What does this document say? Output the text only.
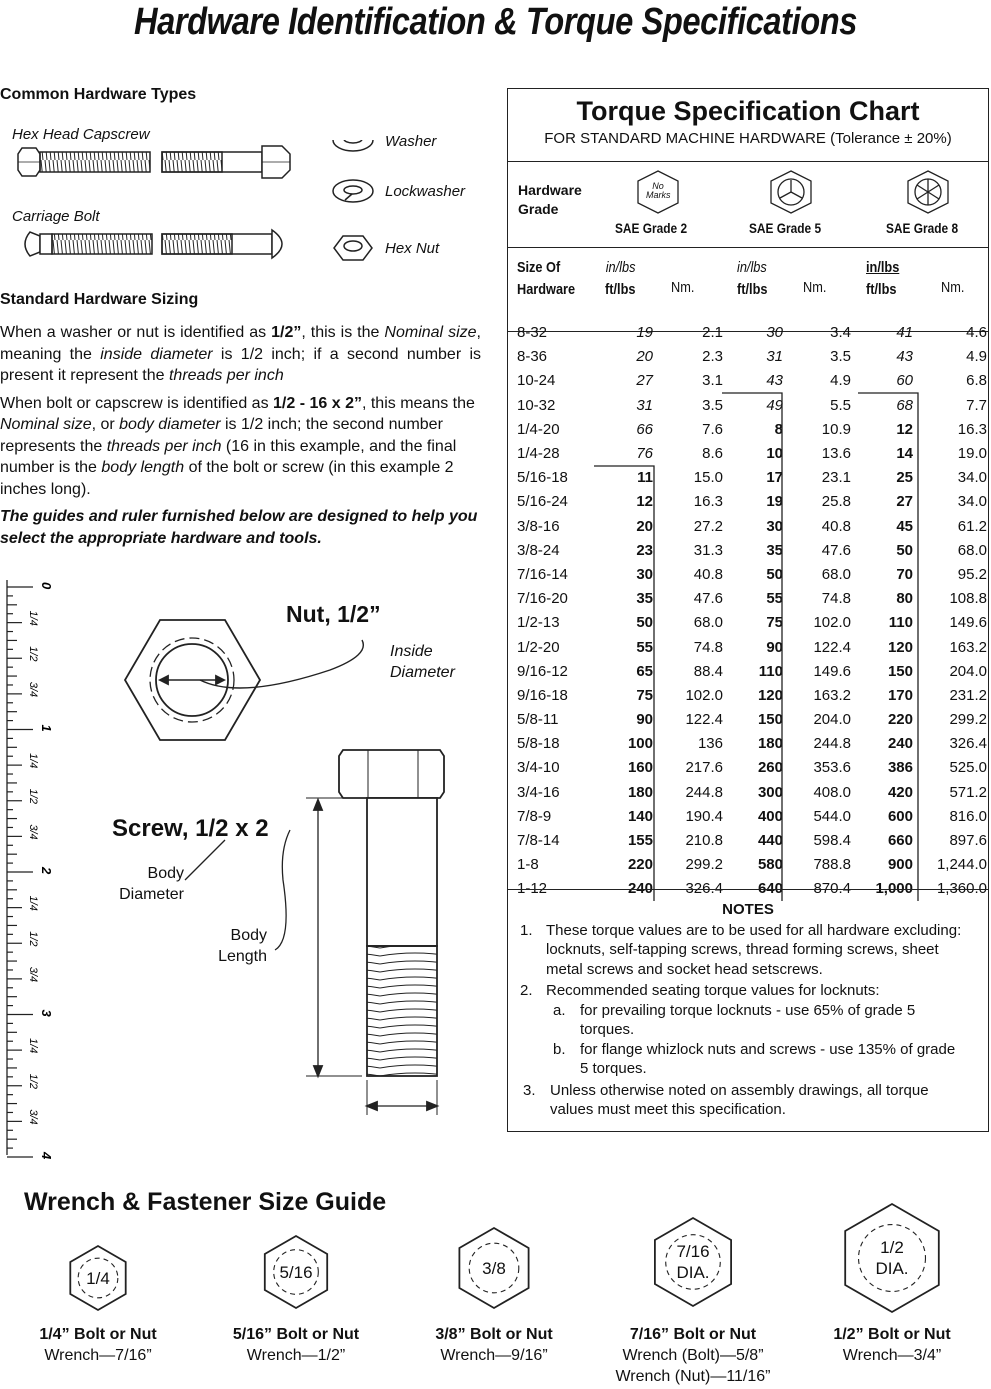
Hardware Identification & Torque Specifications
Common Hardware Types
Hex Head Capscrew
Carriage Bolt
Washer
Lockwasher
Hex Nut
Standard Hardware Sizing

When a washer or nut is identified as 1/2”, this is the Nominal size, meaning the inside diameter is 1/2 inch; if a second number is present it represent the threads per inch

When bolt or capscrew is identified as 1/2 - 16 x 2”, this means the Nominal size, or body diameter is 1/2 inch; the second number represents the threads per inch (16 in this example, and the final number is the body length of the bolt or screw (in this example 2 inches long).

The guides and ruler furnished below are designed to help you select the appropriate hardware and tools.

0
1
2
3
4
1/4
1/2
3/4
1/4
1/2
3/4
1/4
1/2
3/4
1/4
1/2
3/4
Nut, 1/2”
Inside
Diameter
Screw, 1/2 x 2
Body
Diameter
Body
Length
Torque Specification Chart
FOR STANDARD MACHINE HARDWARE (Tolerance ± 20%)
Hardware
Grade
No
Marks
SAE Grade 2	SAE Grade 5	SAE Grade 8
Size Of
Hardware
in/lbs
ft/lbs Nm.
in/lbs
ft/lbs Nm.
in/lbs
ft/lbs	Nm.
8-32	19	2.1	30	3.4	41	4.6
8-36	20	2.3	31	3.5	43	4.9
10-24	27	3.1	43	4.9	60	6.8
10-32	31	3.5	49	5.5	68	7.7
1/4-20	66	7.6	8	10.9	12	16.3
1/4-28	76	8.6	10	13.6	14	19.0
5/16-18	11	15.0	17	23.1	25	34.0
5/16-24	12	16.3	19	25.8	27	34.0
3/8-16	20	27.2	30	40.8	45	61.2
3/8-24	23	31.3	35	47.6	50	68.0
7/16-14	30	40.8	50	68.0	70	95.2
7/16-20	35	47.6	55	74.8	80	108.8
1/2-13	50	68.0	75	102.0	110	149.6
1/2-20	55	74.8	90	122.4	120	163.2
9/16-12	65	88.4	110	149.6	150	204.0
9/16-18	75	102.0	120	163.2	170	231.2
5/8-11	90	122.4	150	204.0	220	299.2
5/8-18	100	136	180	244.8	240	326.4
3/4-10	160	217.6	260	353.6	386	525.0
3/4-16	180	244.8	300	408.0	420	571.2
7/8-9	140	190.4	400	544.0	600	816.0
7/8-14	155	210.8	440	598.4	660	897.6
1-8	220	299.2	580	788.8	900	1,244.0
1-12	240	326.4	640	870.4	1,000	1,360.0
NOTES
1. These torque values are to be used for all hardware excluding: locknuts, self-tapping screws, thread forming screws, sheet metal screws and socket head setscrews.
2. Recommended seating torque values for locknuts:
a. for prevailing torque locknuts - use 65% of grade 5 torques.
b. for flange whizlock nuts and screws - use 135% of grade 5 torques.
3. Unless otherwise noted on assembly drawings, all torque values must meet this specification.
Wrench & Fastener Size Guide
1/4
1/4” Bolt or Nut
Wrench—7/16”
5/16
5/16” Bolt or Nut
Wrench—1/2”
3/8
3/8” Bolt or Nut
Wrench—9/16”
7/16
DIA.
7/16” Bolt or Nut
Wrench (Bolt)—5/8”
Wrench (Nut)—11/16”
1/2
DIA.
1/2” Bolt or Nut
Wrench—3/4”
